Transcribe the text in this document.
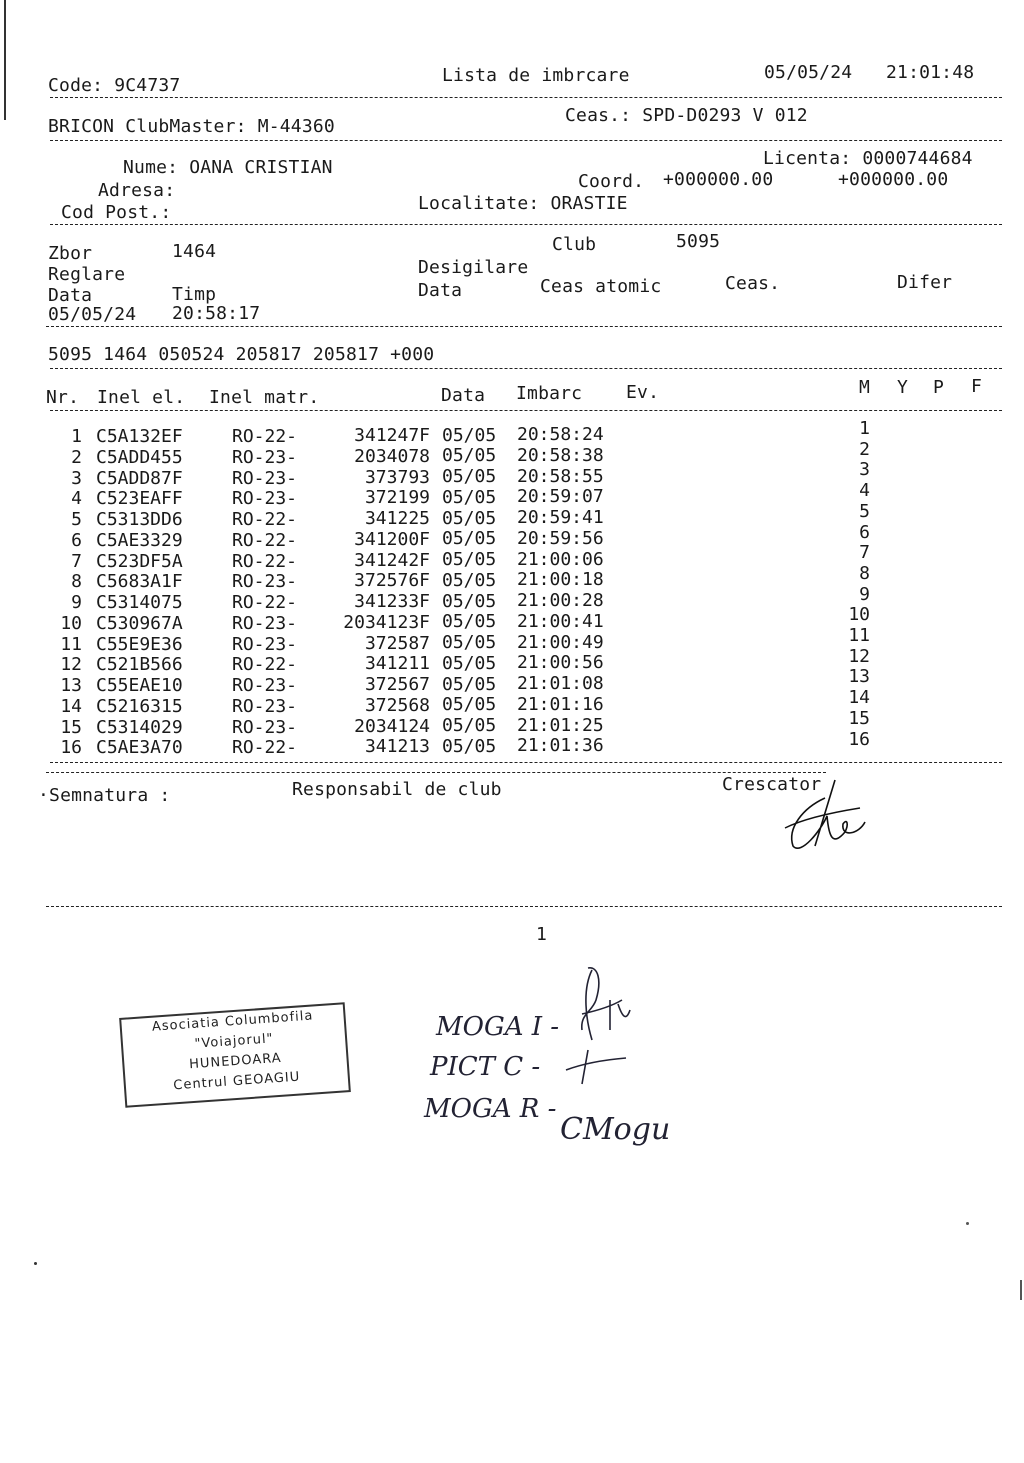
Code: 9C4737	Lista de imbrcare	05/05/24 21:01:48
BRICON ClubMaster: M-44360
Ceas.: SPD-D0293 V 012
Licenta: 0000744684
Nume: OANA CRISTIAN
Coord. +000000.00	+000000.00
Adresa:
Localitate: ORASTIE
Cod Post.:
Club	5095
Zbor	1464
Desigilare
Reglare
Ceas atomic	Ceas.	Difer
Data
Data	Timp
05/05/24 20:58:17
5095 1464 050524 205817 205817 +000
Nr. Inel el. Inel matr.	Data Imbarc Ev.	M Y P F
1 C5A132EF	RO-22-	341247F 05/05 20:58:24	1
2 C5ADD455	RO-23-	2034078 05/05 20:58:38	2
3 C5ADD87F	RO-23-	373793 05/05 20:58:55	3
4 C523EAFF	RO-23-	372199 05/05 20:59:07	4
5 C5313DD6	RO-22-	341225 05/05 20:59:41	5
6 C5AE3329	RO-22-	341200F 05/05 20:59:56	6
7 C523DF5A	RO-22-	341242F 05/05 21:00:06	7
8 C5683A1F	RO-23-	372576F 05/05 21:00:18	8
9 C5314075	RO-22-	341233F 05/05 21:00:28	9
10 C530967A	RO-23-	2034123F 05/05 21:00:41	10
11 C55E9E36	RO-23-	372587 05/05 21:00:49	11
12 C521B566	RO-22-	341211 05/05 21:00:56	12
13 C55EAE10	RO-23-	372567 05/05 21:01:08	13
14 C5216315	RO-23-	372568 05/05 21:01:16	14
15 C5314029	RO-23-	2034124 05/05 21:01:25	15
16 C5AE3A70	RO-22-	341213 05/05 21:01:36	16
·Semnatura :	Responsabil de club	Crescator
1
Asociatia Columbofila
"Voiajorul"
HUNEDOARA
Centrul GEOAGIU
MOGA I -
PICT C -
MOGA R -
CMogu
